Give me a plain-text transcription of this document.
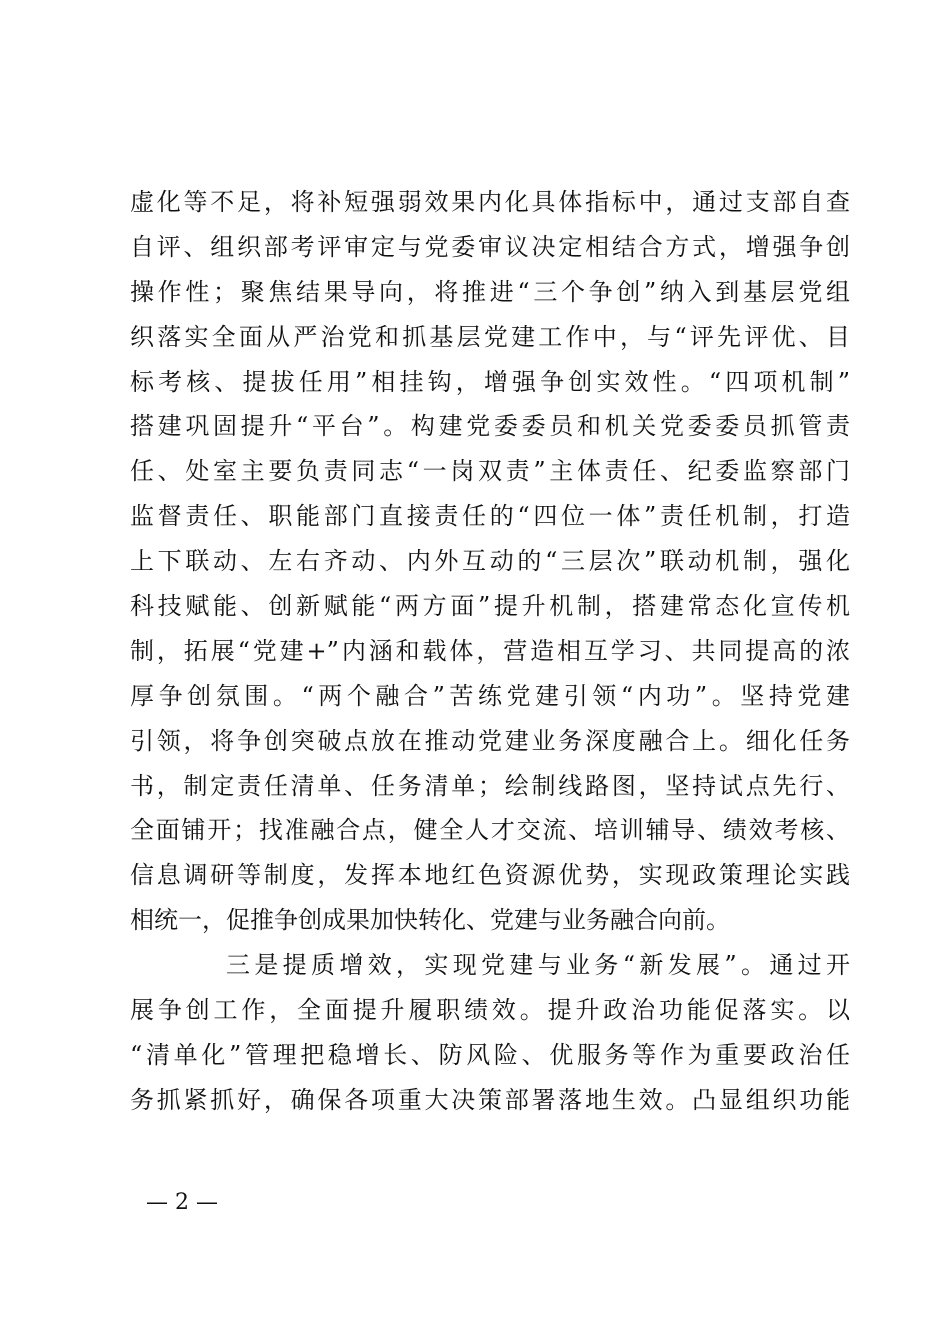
虚化等不足，将补短强弱效果内化具体指标中，通过支部自查
自评、组织部考评审定与党委审议决定相结合方式，增强争创
操作性；聚焦结果导向，将推进“三个争创”纳入到基层党组
织落实全面从严治党和抓基层党建工作中，与“评先评优、目
标考核、提拔任用”相挂钩，增强争创实效性。“四项机制”
搭建巩固提升“平台”。构建党委委员和机关党委委员抓管责
任、处室主要负责同志“一岗双责”主体责任、纪委监察部门
监督责任、职能部门直接责任的“四位一体”责任机制，打造
上下联动、左右齐动、内外互动的“三层次”联动机制，强化
科技赋能、创新赋能“两方面”提升机制，搭建常态化宣传机
制，拓展“党建+”内涵和载体，营造相互学习、共同提高的浓
厚争创氛围。“两个融合”苦练党建引领“内功”。坚持党建
引领，将争创突破点放在推动党建业务深度融合上。细化任务
书，制定责任清单、任务清单；绘制线路图，坚持试点先行、
全面铺开；找准融合点，健全人才交流、培训辅导、绩效考核、
信息调研等制度，发挥本地红色资源优势，实现政策理论实践
相统一，促推争创成果加快转化、党建与业务融合向前。
三是提质增效，实现党建与业务“新发展”。通过开
展争创工作，全面提升履职绩效。提升政治功能促落实。以
“清单化”管理把稳增长、防风险、优服务等作为重要政治任
务抓紧抓好，确保各项重大决策部署落地生效。凸显组织功能
— 2 —
